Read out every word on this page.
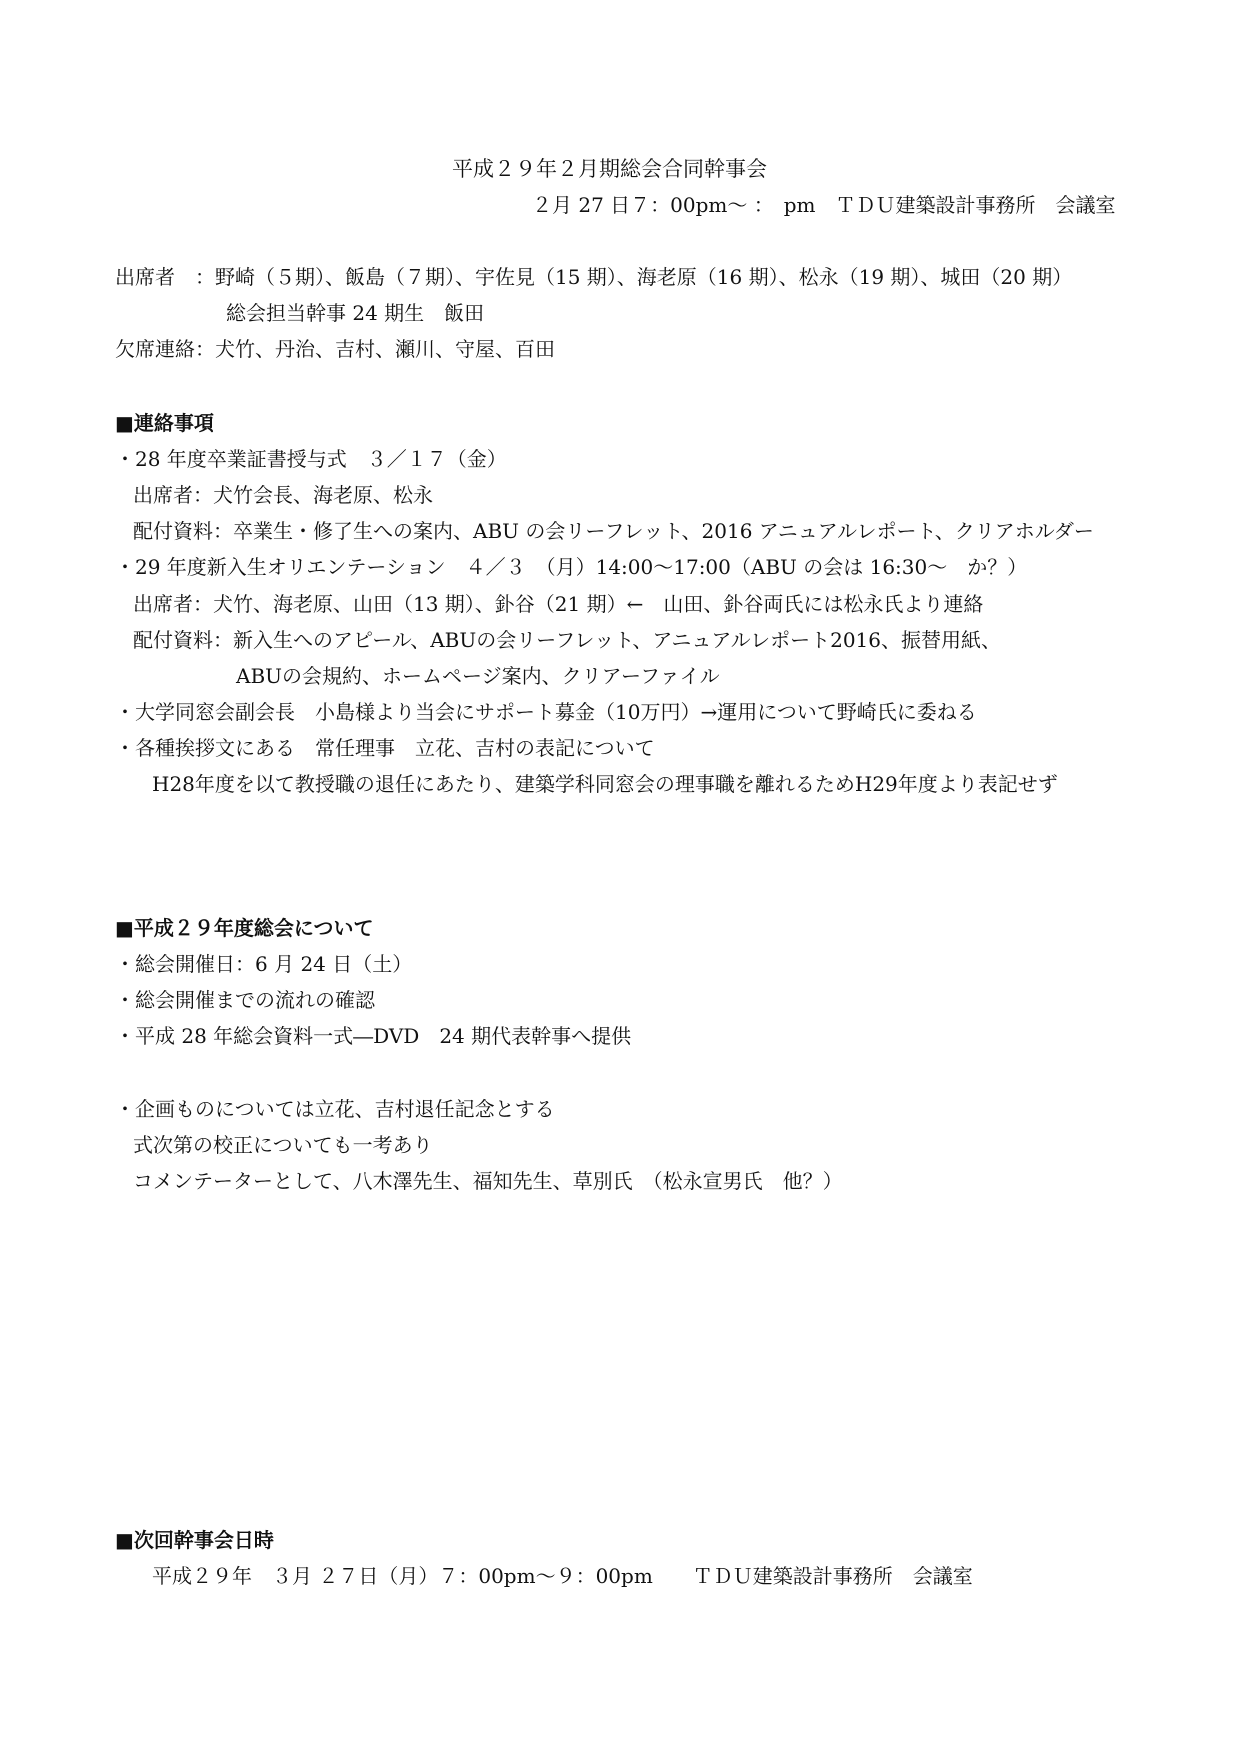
平成２９年２月期総会合同幹事会
２月 27 日７：00pm～ ：　pm　ＴＤＵ建築設計事務所　会議室
出席者　：野崎（５期）、飯島（７期）、宇佐見（15 期）、海老原（16 期）、松永（19 期）、城田（20 期）
総会担当幹事 24 期生　飯田
欠席連絡：犬竹、丹治、吉村、瀬川、守屋、百田
■連絡事項
・28 年度卒業証書授与式　３／１７（金）
出席者：犬竹会長、海老原、松永
配付資料：卒業生・修了生への案内、ABU の会リーフレット、2016 アニュアルレポート、クリアホルダー
・29 年度新入生オリエンテーション　４／３　（月）14:00～17:00（ABU の会は 16:30～　か？）
出席者：犬竹、海老原、山田（13 期）、釙谷（21 期）←　山田、釙谷両氏には松永氏より連絡
配付資料：新入生へのアピール、ABUの会リーフレット、アニュアルレポート2016、振替用紙、
ABUの会規約、ホームページ案内、クリアーファイル
・大学同窓会副会長　小島様より当会にサポート募金（10万円）→運用について野崎氏に委ねる
・各種挨拶文にある　常任理事　立花、吉村の表記について
H28年度を以て教授職の退任にあたり、建築学科同窓会の理事職を離れるためH29年度より表記せず
■平成２９年度総会について
・総会開催日：6 月 24 日（土）
・総会開催までの流れの確認
・平成 28 年総会資料一式―DVD　24 期代表幹事へ提供
・企画ものについては立花、吉村退任記念とする
式次第の校正についても一考あり
コメンテーターとして、八木澤先生、福知先生、草別氏　（松永宣男氏　他？）
■次回幹事会日時
平成２９年　３月 ２７日（月）７：00pm～９：00pm　　ＴＤＵ建築設計事務所　会議室
